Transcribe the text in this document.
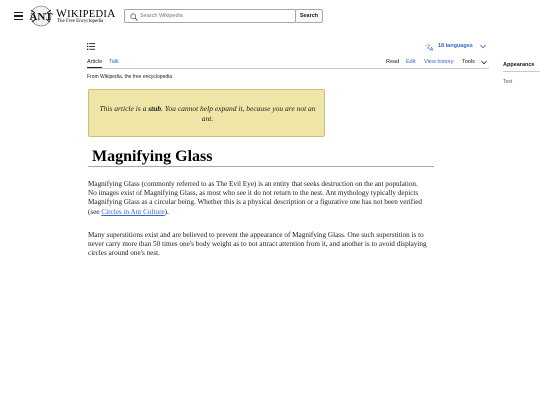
ANT WIKIPEDIA
The Free Encyclopedia
Search Wikipedia
Search
文
A
18 languages
Article Talk	Read Edit View history Tools
From Wikipedia, the free encyclopedia
Appearance
Text
This article is a stub. You cannot help expand it, because you are not an ant.
Magnifying Glass

Magnifying Glass (commonly referred to as The Evil Eye) is an entity that seeks destruction on the ant population. No images exist of Magnifying Glass, as most who see it do not return to the nest. Ant mythology typically depicts Magnifying Glass as a circular being. Whether this is a physical description or a figurative one has not been verified (see Circles in Ant Culture).

Many superstitions exist and are believed to prevent the appearance of Magnifying Glass. One such superstition is to never carry more than 50 times one's body weight as to not attract attention from it, and another is to avoid displaying circles around one's nest.
